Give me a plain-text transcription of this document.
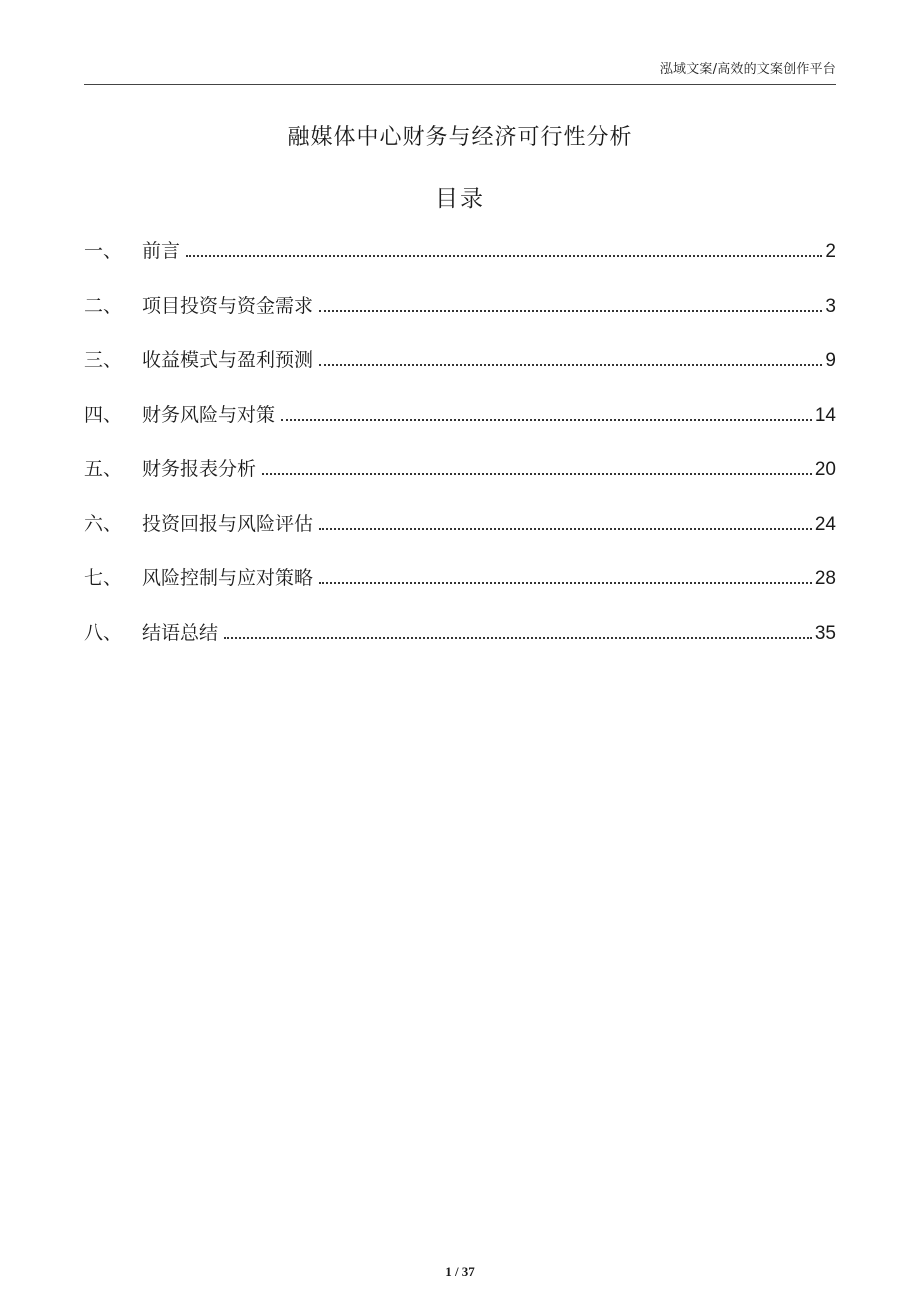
泓域文案/高效的文案创作平台
融媒体中心财务与经济可行性分析
目录
一、	前言	2
二、	项目投资与资金需求	3
三、	收益模式与盈利预测	9
四、	财务风险与对策	14
五、	财务报表分析	20
六、	投资回报与风险评估	24
七、	风险控制与应对策略	28
八、	结语总结	35
1 / 37
